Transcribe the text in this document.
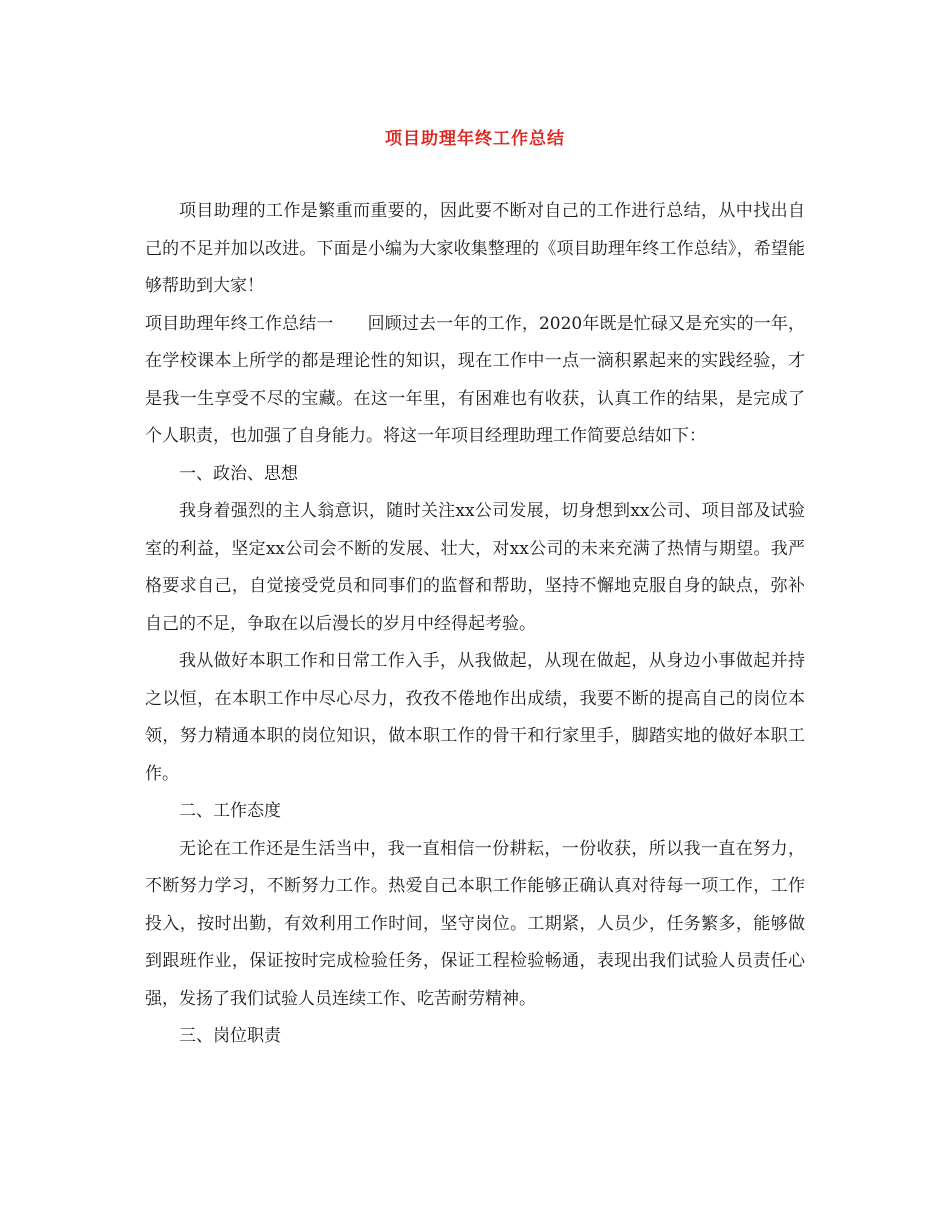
项目助理年终工作总结

项目助理的工作是繁重而重要的，因此要不断对自己的工作进行总结，从中找出自己的不足并加以改进。下面是小编为大家收集整理的《项目助理年终工作总结》，希望能够帮助到大家！

项目助理年终工作总结一 回顾过去一年的工作，2020年既是忙碌又是充实的一年，在学校课本上所学的都是理论性的知识，现在工作中一点一滴积累起来的实践经验，才是我一生享受不尽的宝藏。在这一年里，有困难也有收获，认真工作的结果，是完成了个人职责，也加强了自身能力。将这一年项目经理助理工作简要总结如下：

一、政治、思想

我身着强烈的主人翁意识，随时关注xx公司发展，切身想到xx公司、项目部及试验室的利益，坚定xx公司会不断的发展、壮大，对xx公司的未来充满了热情与期望。我严格要求自己，自觉接受党员和同事们的监督和帮助，坚持不懈地克服自身的缺点，弥补自己的不足，争取在以后漫长的岁月中经得起考验。

我从做好本职工作和日常工作入手，从我做起，从现在做起，从身边小事做起并持之以恒，在本职工作中尽心尽力，孜孜不倦地作出成绩，我要不断的提高自己的岗位本领，努力精通本职的岗位知识，做本职工作的骨干和行家里手，脚踏实地的做好本职工作。

二、工作态度

无论在工作还是生活当中，我一直相信一份耕耘，一份收获，所以我一直在努力，不断努力学习，不断努力工作。热爱自己本职工作能够正确认真对待每一项工作，工作投入，按时出勤，有效利用工作时间，坚守岗位。工期紧，人员少，任务繁多，能够做到跟班作业，保证按时完成检验任务，保证工程检验畅通，表现出我们试验人员责任心强，发扬了我们试验人员连续工作、吃苦耐劳精神。

三、岗位职责
